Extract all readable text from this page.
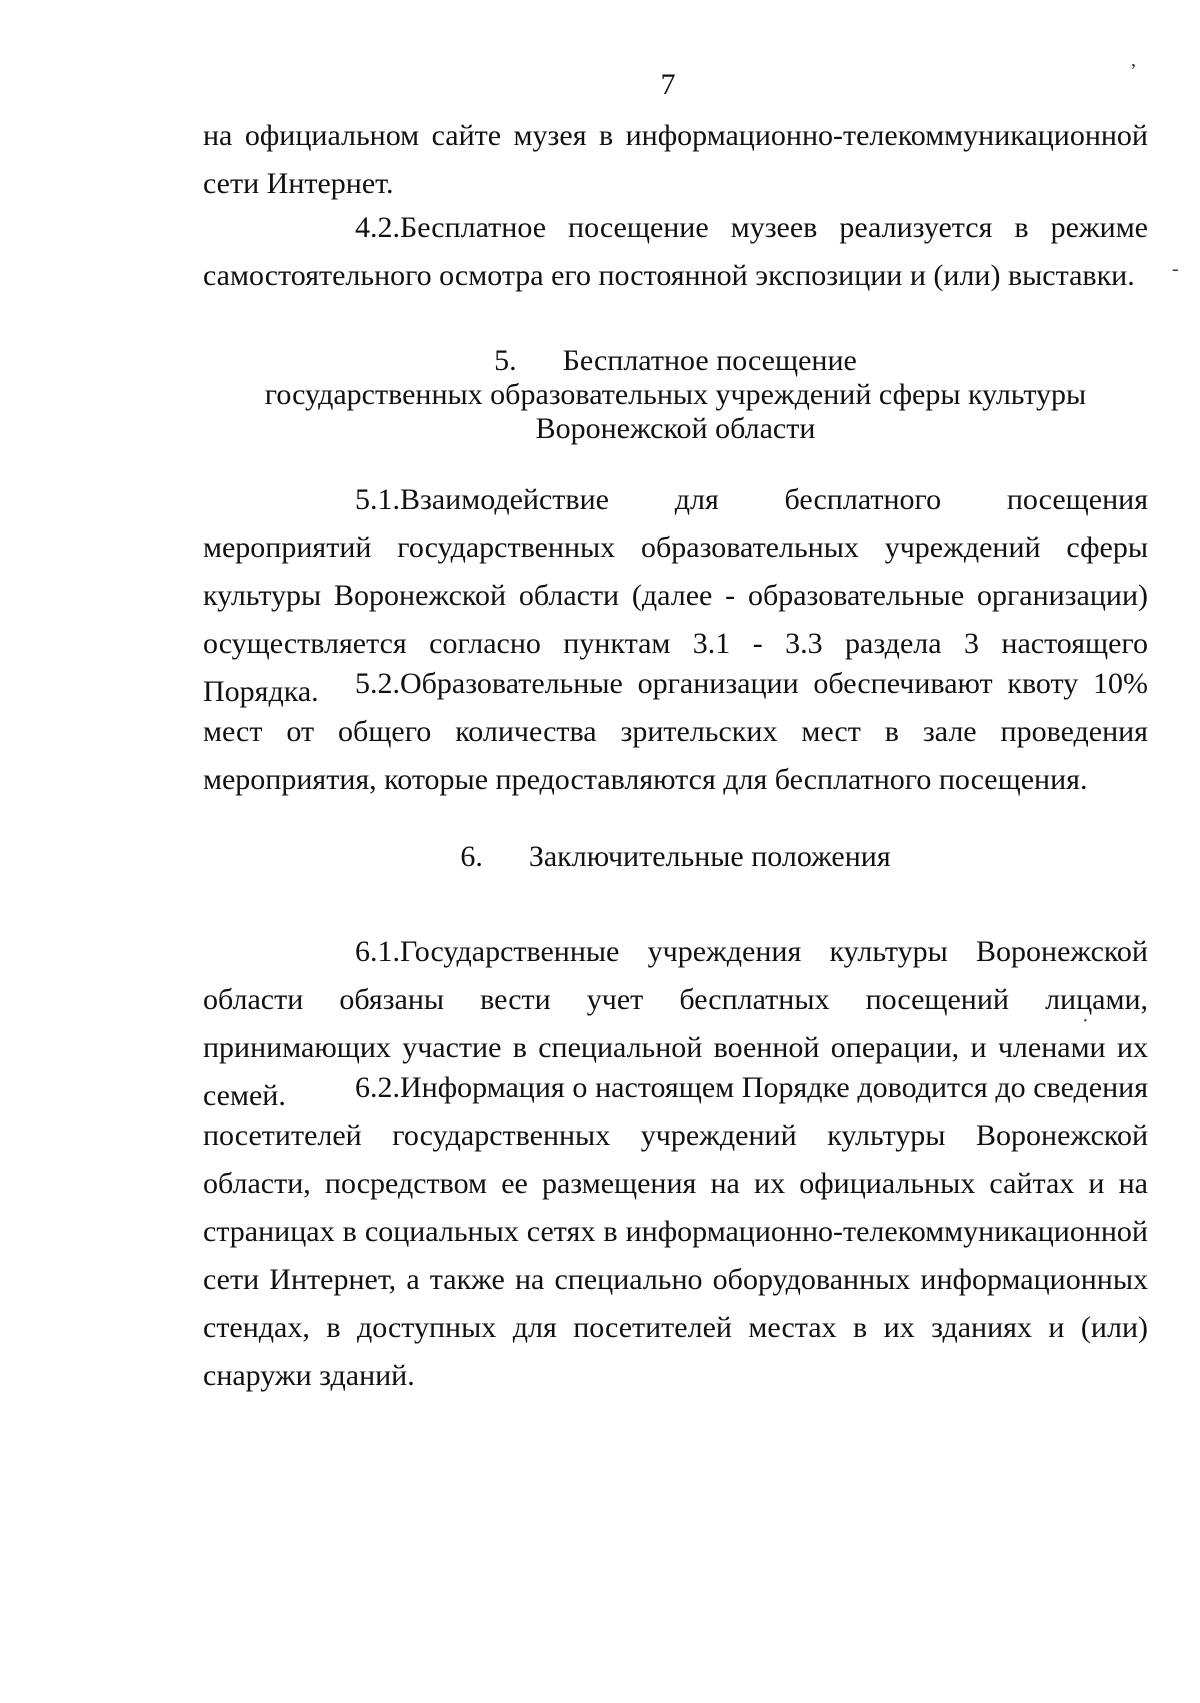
7

на официальном сайте музея в информационно-телекоммуникационной сети Интернет.

4.2.Бесплатное посещение музеев реализуется в режиме самостоятельного осмотра его постоянной экспозиции и (или) выставки.

5. Бесплатное посещение
государственных образовательных учреждений сферы культуры
Воронежской области

5.1.Взаимодействие для бесплатного посещения мероприятий государственных образовательных учреждений сферы культуры Воронежской области (далее - образовательные организации) осуществляется согласно пунктам 3.1 - 3.3 раздела 3 настоящего Порядка.	5.2.Образовательные организации обеспечивают квоту 10% мест от общего количества зрительских мест в зале проведения мероприятия, которые предоставляются для бесплатного посещения.

6. Заключительные положения

6.1.Государственные учреждения культуры Воронежской области обязаны вести учет бесплатных посещений лицами, принимающих участие в специальной военной операции, и членами их семей.	6.2.Информация о настоящем Порядке доводится до сведения посетителей государственных учреждений культуры Воронежской области, посредством ее размещения на их официальных сайтах и на страницах в социальных сетях в информационно-телекоммуникационной сети Интернет, а также на специально оборудованных информационных стендах, в доступных для посетителей местах в их зданиях и (или) снаружи зданий.

’
-
·
